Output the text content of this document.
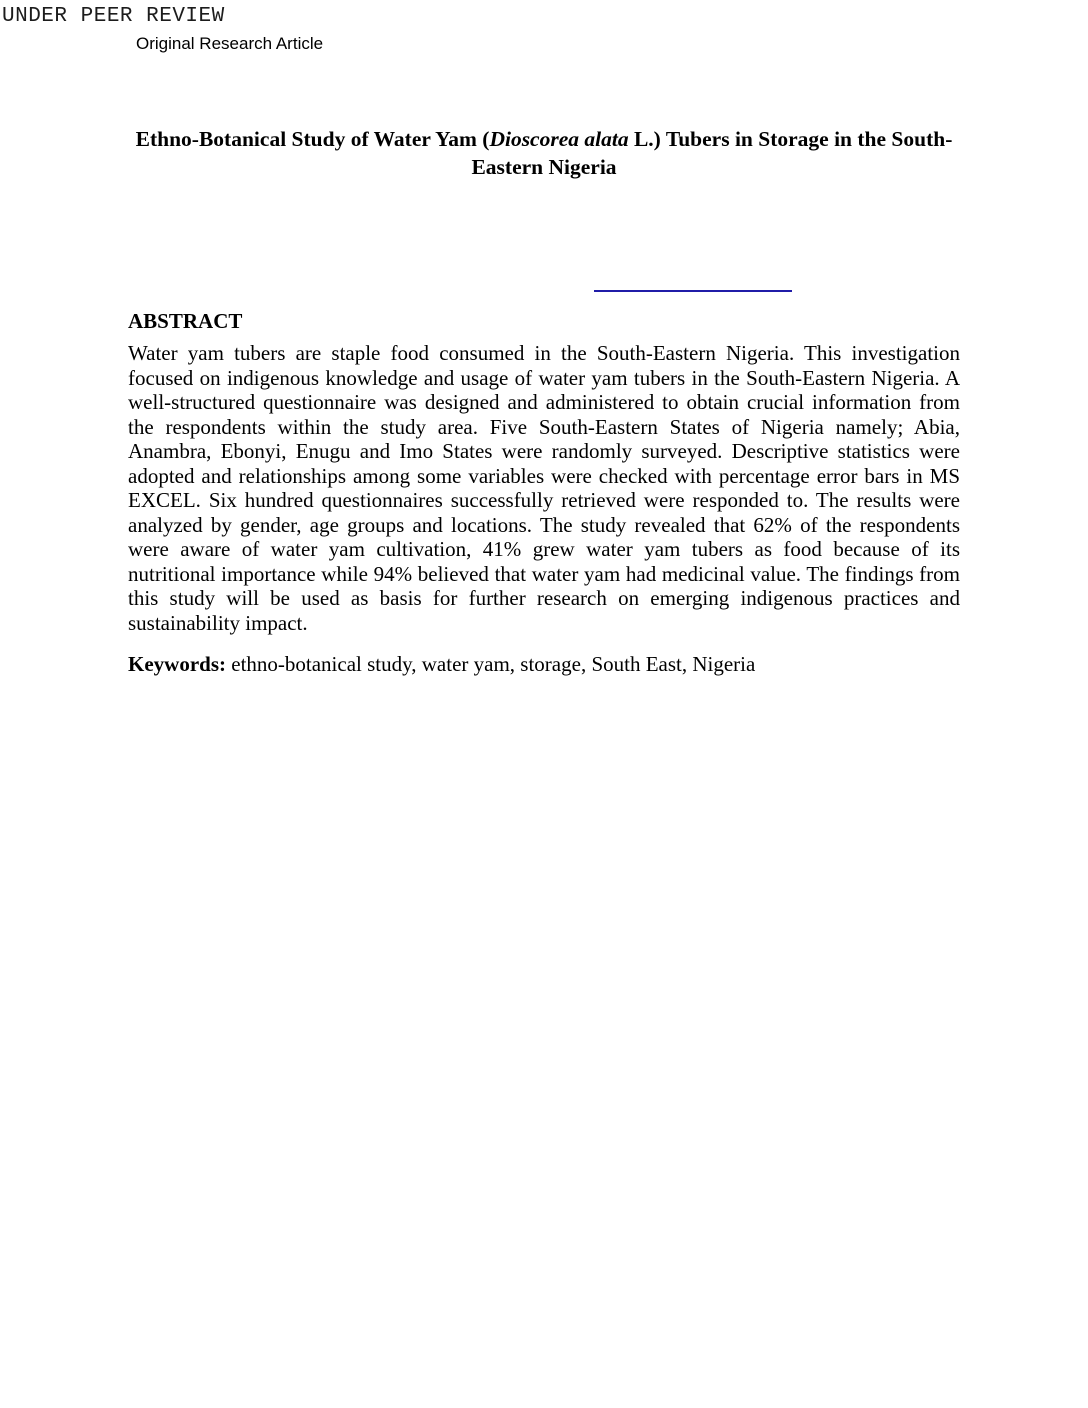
UNDER PEER REVIEW
Original Research Article
Ethno-Botanical Study of Water Yam (Dioscorea alata L.) Tubers in Storage in the South-Eastern Nigeria
ABSTRACT

Water yam tubers are staple food consumed in the South-Eastern Nigeria. This investigation focused on indigenous knowledge and usage of water yam tubers in the South-Eastern Nigeria. A well-structured questionnaire was designed and administered to obtain crucial information from the respondents within the study area. Five South-Eastern States of Nigeria namely; Abia, Anambra, Ebonyi, Enugu and Imo States were randomly surveyed. Descriptive statistics were adopted and relationships among some variables were checked with percentage error bars in MS EXCEL. Six hundred questionnaires successfully retrieved were responded to. The results were analyzed by gender, age groups and locations. The study revealed that 62% of the respondents were aware of water yam cultivation, 41% grew water yam tubers as food because of its nutritional importance while 94% believed that water yam had medicinal value. The findings from this study will be used as basis for further research on emerging indigenous practices and sustainability impact.

Keywords: ethno-botanical study, water yam, storage, South East, Nigeria
